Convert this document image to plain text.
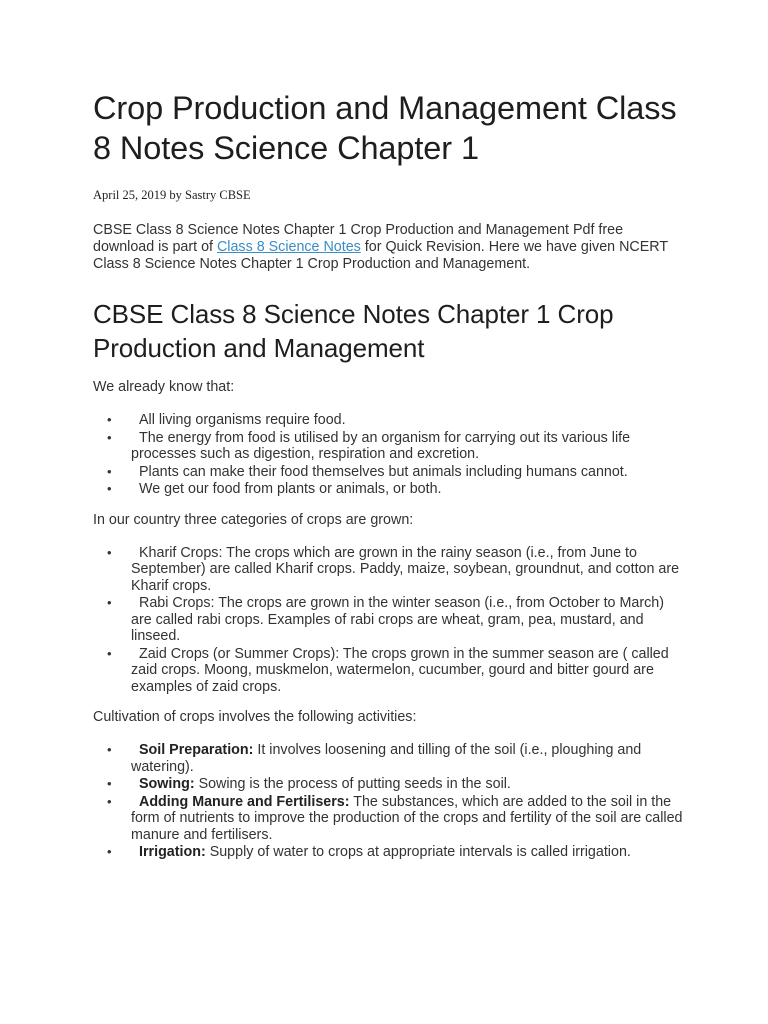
Crop Production and Management Class 8 Notes Science Chapter 1
April 25, 2019 by Sastry CBSE
CBSE Class 8 Science Notes Chapter 1 Crop Production and Management Pdf free download is part of Class 8 Science Notes for Quick Revision. Here we have given NCERT Class 8 Science Notes Chapter 1 Crop Production and Management.
CBSE Class 8 Science Notes Chapter 1 Crop Production and Management

We already know that:

• All living organisms require food.
• The energy from food is utilised by an organism for carrying out its various life processes such as digestion, respiration and excretion.
• Plants can make their food themselves but animals including humans cannot.
• We get our food from plants or animals, or both.

In our country three categories of crops are grown:

• Kharif Crops: The crops which are grown in the rainy season (i.e., from June to September) are called Kharif crops. Paddy, maize, soybean, groundnut, and cotton are Kharif crops.
• Rabi Crops: The crops are grown in the winter season (i.e., from October to March) are called rabi crops. Examples of rabi crops are wheat, gram, pea, mustard, and linseed.
• Zaid Crops (or Summer Crops): The crops grown in the summer season are ( called zaid crops. Moong, muskmelon, watermelon, cucumber, gourd and bitter gourd are examples of zaid crops.

Cultivation of crops involves the following activities:

• Soil Preparation: It involves loosening and tilling of the soil (i.e., ploughing and watering).
• Sowing: Sowing is the process of putting seeds in the soil.
• Adding Manure and Fertilisers: The substances, which are added to the soil in the form of nutrients to improve the production of the crops and fertility of the soil are called manure and fertilisers.
• Irrigation: Supply of water to crops at appropriate intervals is called irrigation.
